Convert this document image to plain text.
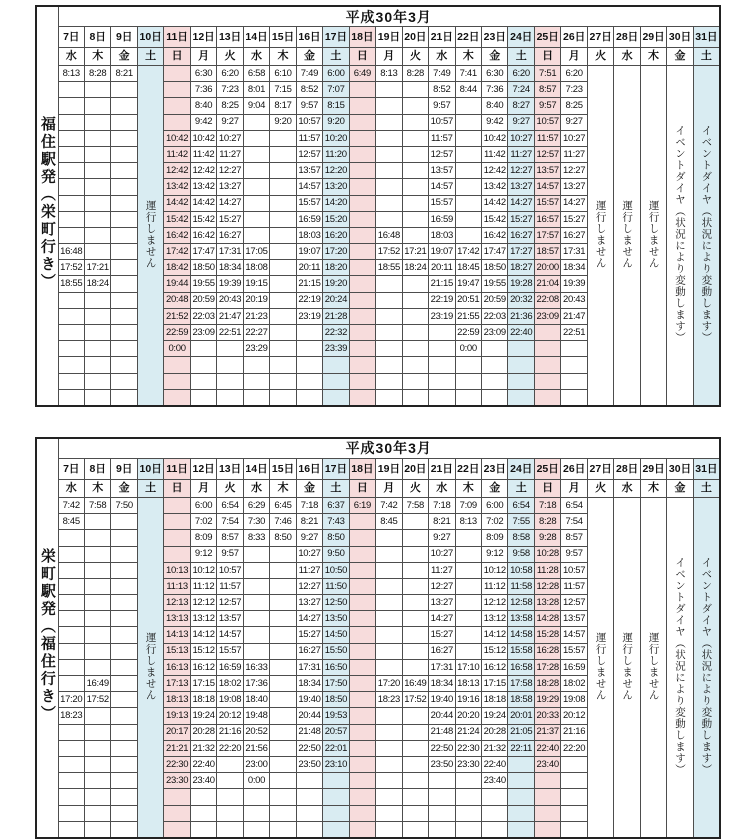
福住駅発（栄町行き）	平成30年3月																								
	7日	8日	9日	10日	11日	12日	13日	14日	15日	16日	17日	18日	19日	20日	21日	22日	23日	24日	25日	26日	27日	28日	29日	30日	31日
	水	木	金	土	日	月	火	水	木	金	土	日	月	火	水	木	金	土	日	月	火	水	木	金	土
	8:13	8:28	8:21	運行しません		6:30	6:20	6:58	6:10	7:49	6:00	6:49	8:13	8:28	7:49	7:41	6:30	6:20	7:51	6:20	運行しません	運行しません	運行しません	イベントダイヤ（状況により変動します）	イベントダイヤ（状況により変動します）
						7:36	7:23	8:01	7:15	8:52	7:07				8:52	8:44	7:36	7:24	8:57	7:23					
						8:40	8:25	9:04	8:17	9:57	8:15				9:57		8:40	8:27	9:57	8:25					
						9:42	9:27		9:20	10:57	9:20				10:57		9:42	9:27	10:57	9:27					
					10:42	10:42	10:27			11:57	10:20				11:57		10:42	10:27	11:57	10:27					
					11:42	11:42	11:27			12:57	11:20				12:57		11:42	11:27	12:57	11:27					
					12:42	12:42	12:27			13:57	12:20				13:57		12:42	12:27	13:57	12:27					
					13:42	13:42	13:27			14:57	13:20				14:57		13:42	13:27	14:57	13:27					
					14:42	14:42	14:27			15:57	14:20				15:57		14:42	14:27	15:57	14:27					
					15:42	15:42	15:27			16:59	15:20				16:59		15:42	15:27	16:57	15:27					
					16:42	16:42	16:27			18:03	16:20		16:48		18:03		16:42	16:27	17:57	16:27					
	16:48				17:42	17:47	17:31	17:05		19:07	17:20		17:52	17:21	19:07	17:42	17:47	17:27	18:57	17:31					
	17:52	17:21			18:42	18:50	18:34	18:08		20:11	18:20		18:55	18:24	20:11	18:45	18:50	18:27	20:00	18:34					
	18:55	18:24			19:44	19:55	19:39	19:15		21:15	19:20				21:15	19:47	19:55	19:28	21:04	19:39					
					20:48	20:59	20:43	20:19		22:19	20:24				22:19	20:51	20:59	20:32	22:08	20:43					
					21:52	22:03	21:47	21:23		23:19	21:28				23:19	21:55	22:03	21:36	23:09	21:47					
					22:59	23:09	22:51	22:27			22:32					22:59	23:09	22:40		22:51					
					0:00			23:29			23:39					0:00									

栄町駅発（福住行き）	平成30年3月																								
	7日	8日	9日	10日	11日	12日	13日	14日	15日	16日	17日	18日	19日	20日	21日	22日	23日	24日	25日	26日	27日	28日	29日	30日	31日
	水	木	金	土	日	月	火	水	木	金	土	日	月	火	水	木	金	土	日	月	火	水	木	金	土
	7:42	7:58	7:50	運行しません		6:00	6:54	6:29	6:45	7:18	6:37	6:19	7:42	7:58	7:18	7:09	6:00	6:54	7:18	6:54	運行しません	運行しません	運行しません	イベントダイヤ（状況により変動します）	イベントダイヤ（状況により変動します）
	8:45					7:02	7:54	7:30	7:46	8:21	7:43		8:45		8:21	8:13	7:02	7:55	8:28	7:54					
						8:09	8:57	8:33	8:50	9:27	8:50				9:27		8:09	8:58	9:28	8:57					
						9:12	9:57			10:27	9:50				10:27		9:12	9:58	10:28	9:57					
					10:13	10:12	10:57			11:27	10:50				11:27		10:12	10:58	11:28	10:57					
					11:13	11:12	11:57			12:27	11:50				12:27		11:12	11:58	12:28	11:57					
					12:13	12:12	12:57			13:27	12:50				13:27		12:12	12:58	13:28	12:57					
					13:13	13:12	13:57			14:27	13:50				14:27		13:12	13:58	14:28	13:57					
					14:13	14:12	14:57			15:27	14:50				15:27		14:12	14:58	15:28	14:57					
					15:13	15:12	15:57			16:27	15:50				16:27		15:12	15:58	16:28	15:57					
					16:13	16:12	16:59	16:33		17:31	16:50				17:31	17:10	16:12	16:58	17:28	16:59					
		16:49			17:13	17:15	18:02	17:36		18:34	17:50		17:20	16:49	18:34	18:13	17:15	17:58	18:28	18:02					
	17:20	17:52			18:13	18:18	19:08	18:40		19:40	18:50		18:23	17:52	19:40	19:16	18:18	18:58	19:29	19:08					
	18:23				19:13	19:24	20:12	19:48		20:44	19:53				20:44	20:20	19:24	20:01	20:33	20:12					
					20:17	20:28	21:16	20:52		21:48	20:57				21:48	21:24	20:28	21:05	21:37	21:16					
					21:21	21:32	22:20	21:56		22:50	22:01				22:50	22:30	21:32	22:11	22:40	22:20					
					22:30	22:40		23:00		23:50	23:10				23:50	23:30	22:40		23:40						
					23:30	23:40		0:00									23:40								
